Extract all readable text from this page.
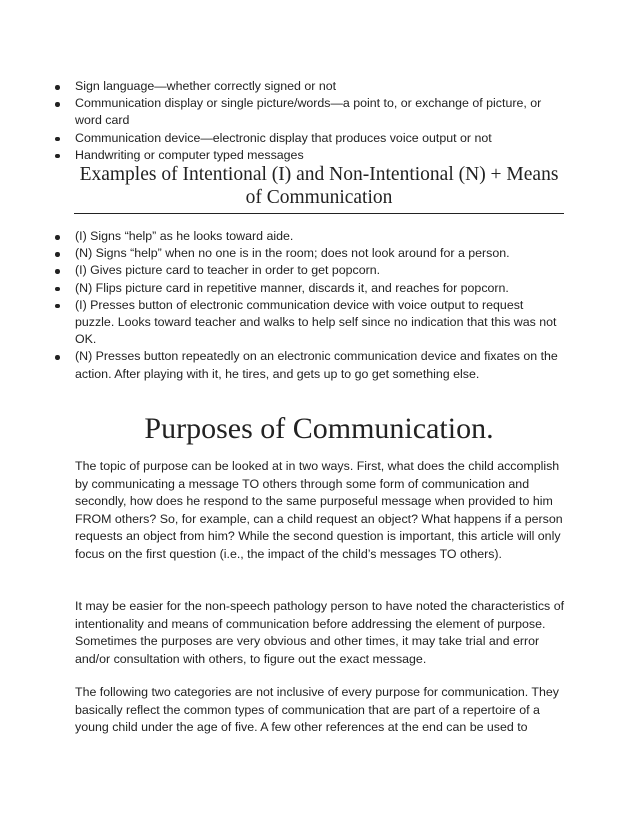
Sign language—whether correctly signed or not
Communication display or single picture/words—a point to, or exchange of picture, or word card
Communication device—electronic display that produces voice output or not
Handwriting or computer typed messages
Examples of Intentional (I) and Non-Intentional (N) + Means of Communication
(I) Signs “help” as he looks toward aide.
(N) Signs “help” when no one is in the room; does not look around for a person.
(I) Gives picture card to teacher in order to get popcorn.
(N) Flips picture card in repetitive manner, discards it, and reaches for popcorn.
(I) Presses button of electronic communication device with voice output to request puzzle. Looks toward teacher and walks to help self since no indication that this was not OK.
(N) Presses button repeatedly on an electronic communication device and fixates on the action. After playing with it, he tires, and gets up to go get something else.
Purposes of Communication.

The topic of purpose can be looked at in two ways. First, what does the child accomplish by communicating a message TO others through some form of communication and secondly, how does he respond to the same purposeful message when provided to him FROM others? So, for example, can a child request an object? What happens if a person requests an object from him? While the second question is important, this article will only focus on the first question (i.e., the impact of the child’s messages TO others).

It may be easier for the non-speech pathology person to have noted the characteristics of intentionality and means of communication before addressing the element of purpose. Sometimes the purposes are very obvious and other times, it may take trial and error and/or consultation with others, to figure out the exact message.

The following two categories are not inclusive of every purpose for communication. They basically reflect the common types of communication that are part of a repertoire of a young child under the age of five. A few other references at the end can be used to
